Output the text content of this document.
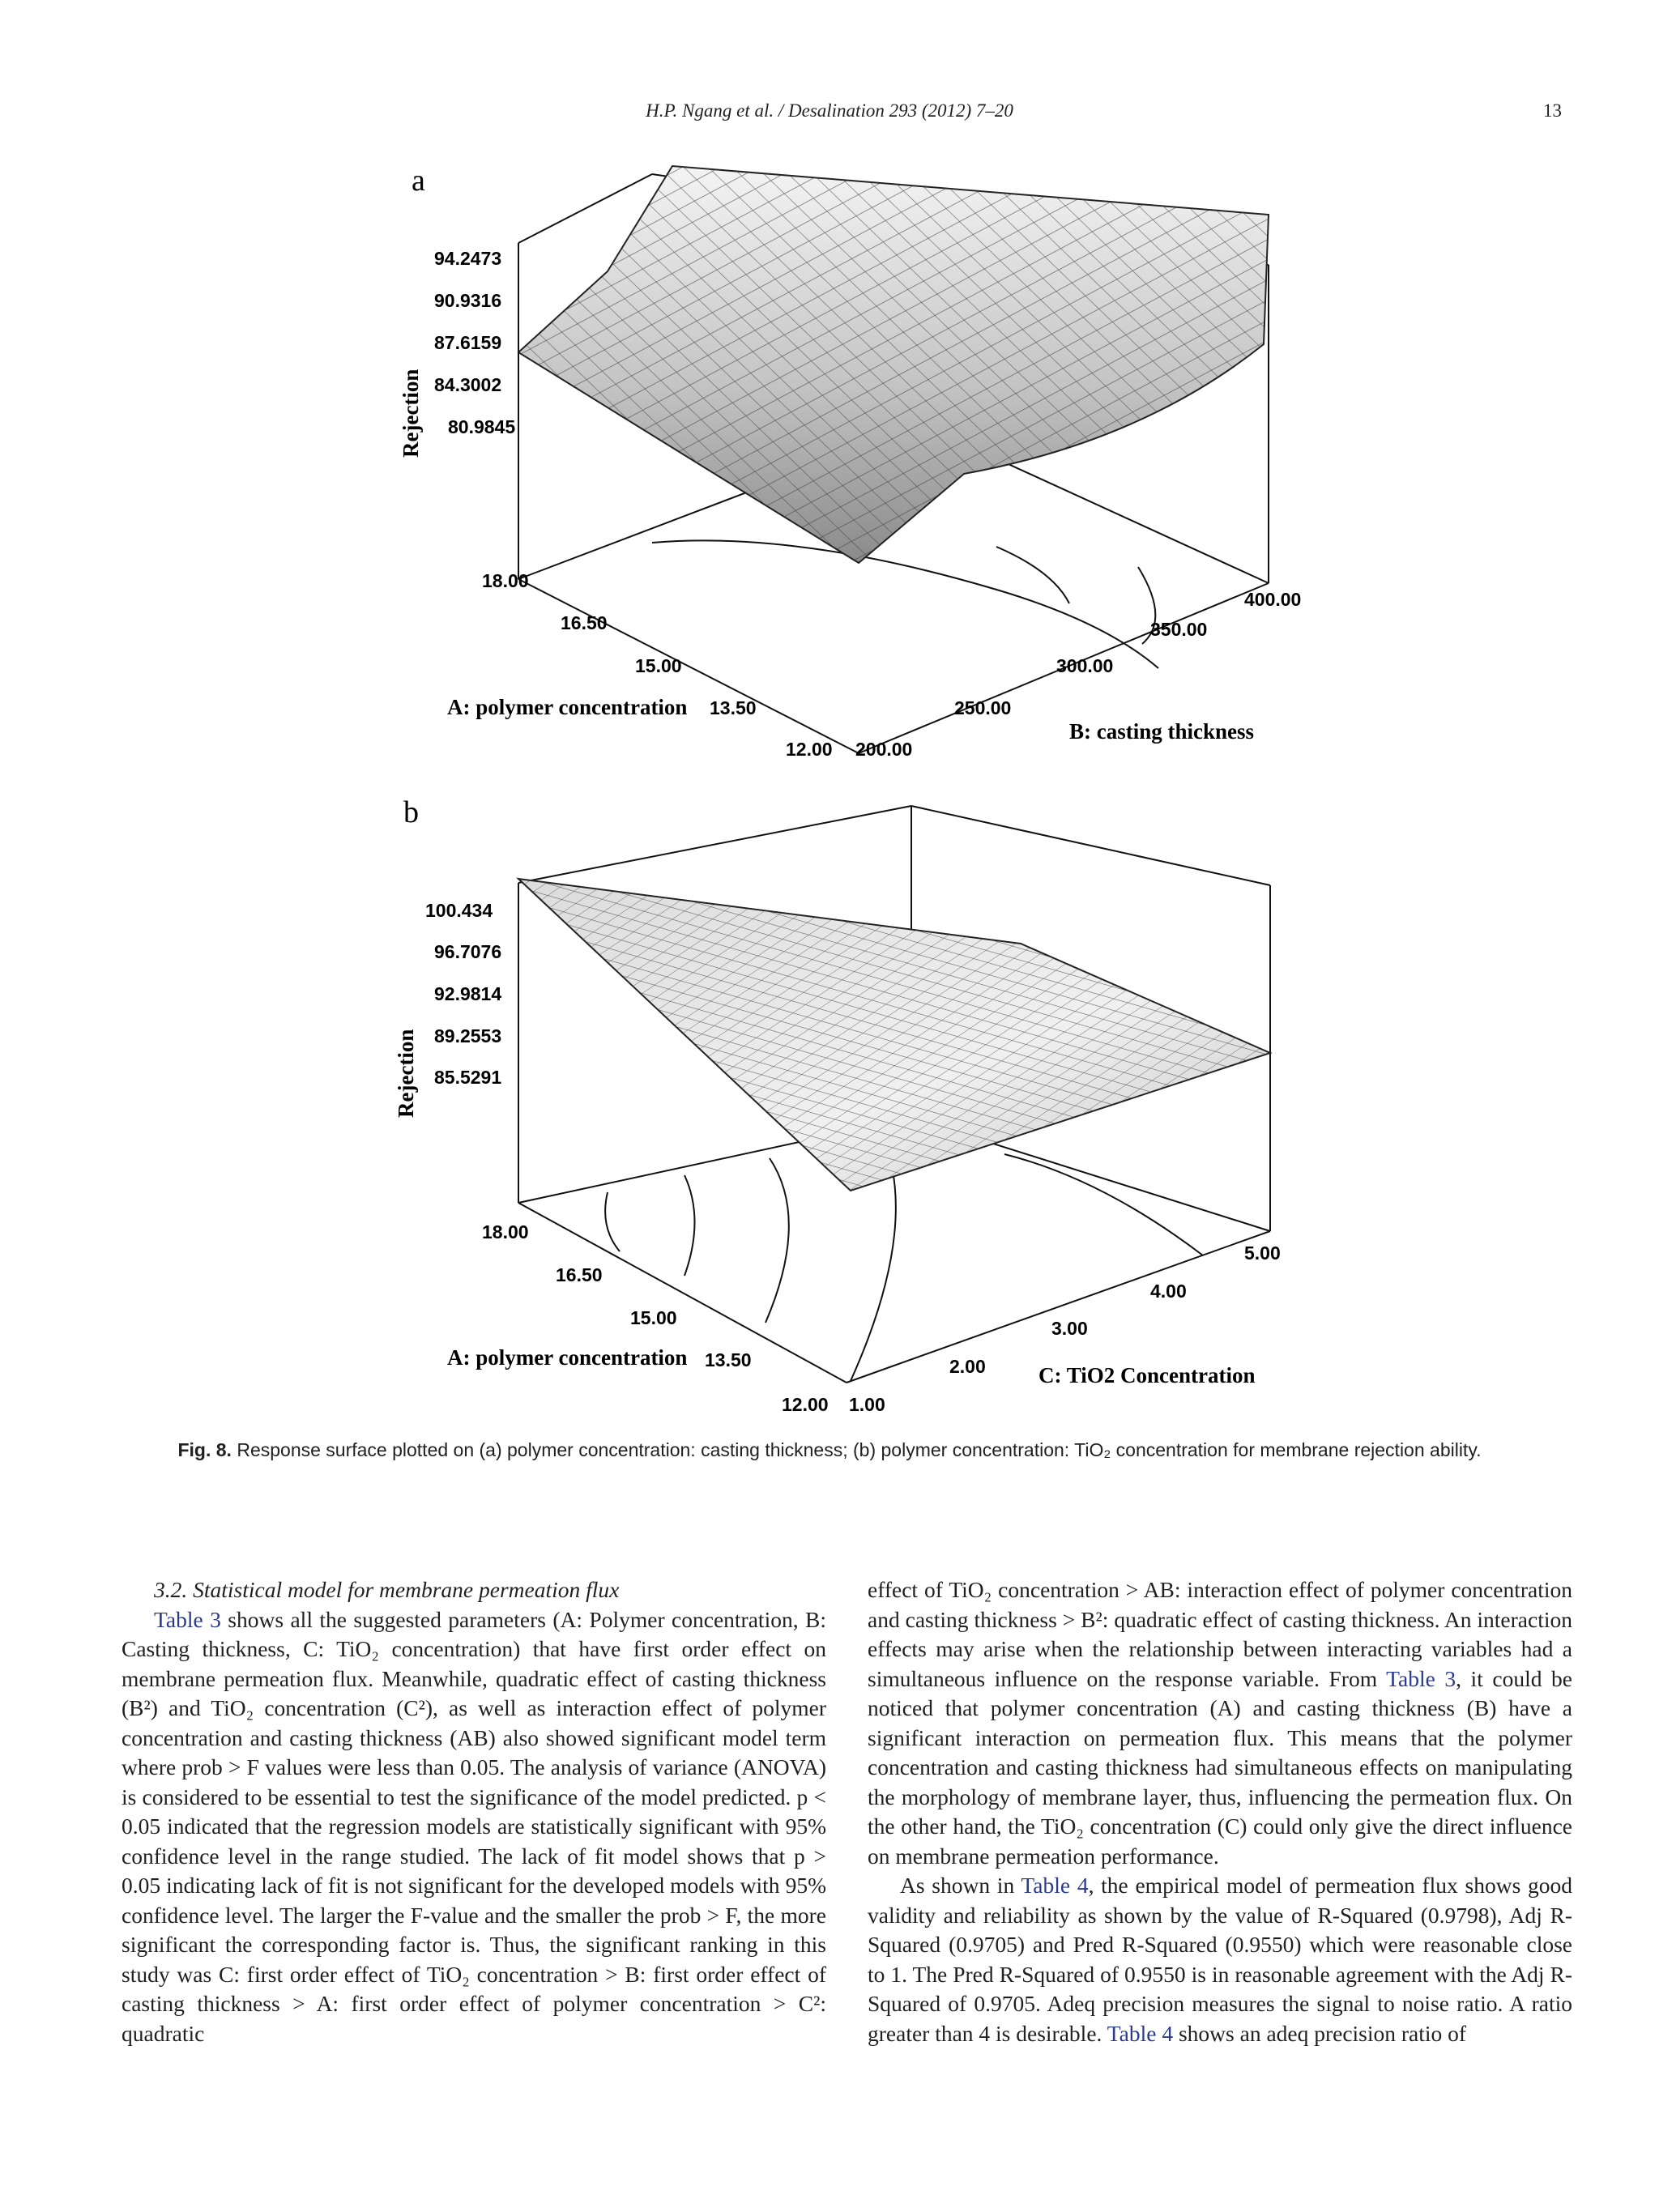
H.P. Ngang et al. / Desalination 293 (2012) 7–20	13
a
Rejection
94.2473
90.9316
87.6159
84.3002
80.9845
18.00
16.50
15.00
13.50
12.00
A: polymer concentration
200.00
250.00
300.00
350.00
400.00
B: casting thickness
b
Rejection
100.434
96.7076
92.9814
89.2553
85.5291
18.00
16.50
15.00
13.50
12.00
A: polymer concentration
1.00
2.00
3.00
4.00
5.00
C: TiO2 Concentration
Fig. 8. Response surface plotted on (a) polymer concentration: casting thickness; (b) polymer concentration: TiO₂ concentration for membrane rejection ability.

3.2. Statistical model for membrane permeation flux

Table 3 shows all the suggested parameters (A: Polymer concentration, B: Casting thickness, C: TiO₂ concentration) that have first order effect on membrane permeation flux. Meanwhile, quadratic effect of casting thickness (B²) and TiO₂ concentration (C²), as well as interaction effect of polymer concentration and casting thickness (AB) also showed significant model term where prob > F values were less than 0.05. The analysis of variance (ANOVA) is considered to be essential to test the significance of the model predicted. p < 0.05 indicated that the regression models are statistically significant with 95% confidence level in the range studied. The lack of fit model shows that p > 0.05 indicating lack of fit is not significant for the developed models with 95% confidence level. The larger the F-value and the smaller the prob > F, the more significant the corresponding factor is. Thus, the significant ranking in this study was C: first order effect of TiO₂ concentration > B: first order effect of casting thickness > A: first order effect of polymer concentration > C²: quadratic

effect of TiO₂ concentration > AB: interaction effect of polymer concentration and casting thickness > B²: quadratic effect of casting thickness. An interaction effects may arise when the relationship between interacting variables had a simultaneous influence on the response variable. From Table 3, it could be noticed that polymer concentration (A) and casting thickness (B) have a significant interaction on permeation flux. This means that the polymer concentration and casting thickness had simultaneous effects on manipulating the morphology of membrane layer, thus, influencing the permeation flux. On the other hand, the TiO₂ concentration (C) could only give the direct influence on membrane permeation performance.

As shown in Table 4, the empirical model of permeation flux shows good validity and reliability as shown by the value of R-Squared (0.9798), Adj R-Squared (0.9705) and Pred R-Squared (0.9550) which were reasonable close to 1. The Pred R-Squared of 0.9550 is in reasonable agreement with the Adj R-Squared of 0.9705. Adeq precision measures the signal to noise ratio. A ratio greater than 4 is desirable. Table 4 shows an adeq precision ratio of
